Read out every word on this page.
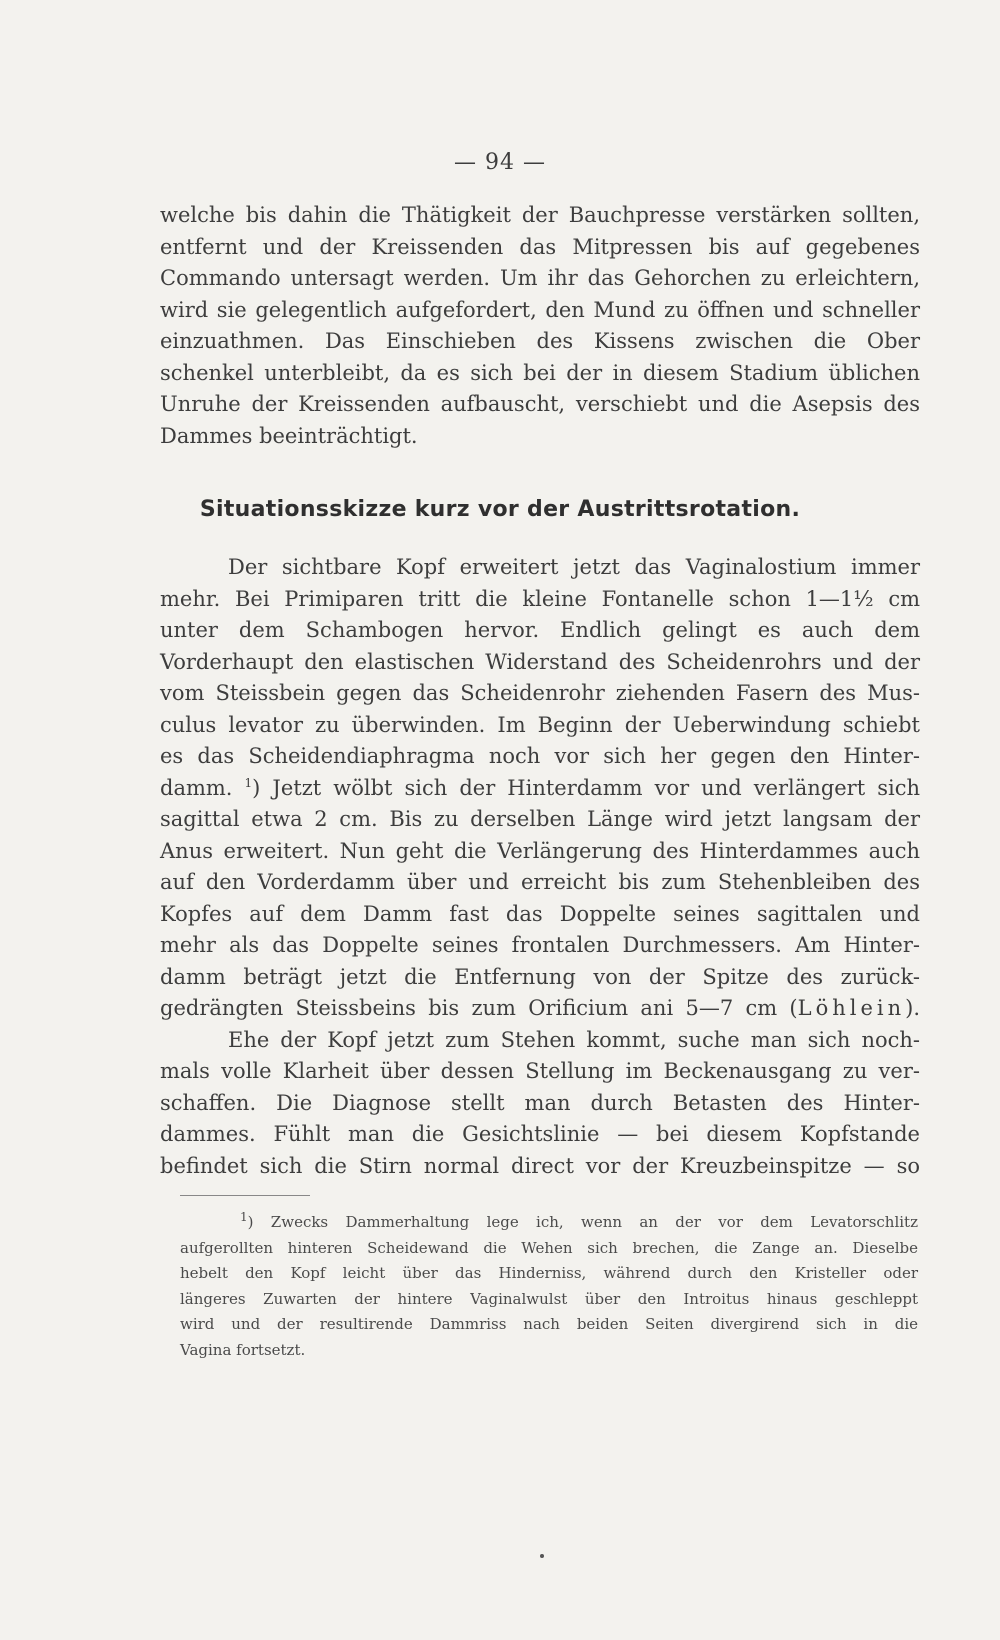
— 94 —
welche bis dahin die Thätigkeit der Bauchpresse verstärken sollten,
entfernt und der Kreissenden das Mitpressen bis auf gegebenes
Commando untersagt werden. Um ihr das Gehorchen zu erleichtern,
wird sie gelegentlich aufgefordert, den Mund zu öffnen und schneller
einzuathmen. Das Einschieben des Kissens zwischen die Ober
schenkel unterbleibt, da es sich bei der in diesem Stadium üblichen
Unruhe der Kreissenden aufbauscht, verschiebt und die Asepsis des
Dammes beeinträchtigt.
Situationsskizze kurz vor der Austrittsrotation.
Der sichtbare Kopf erweitert jetzt das Vaginalostium immer
mehr. Bei Primiparen tritt die kleine Fontanelle schon 1—1½ cm
unter dem Schambogen hervor. Endlich gelingt es auch dem
Vorderhaupt den elastischen Widerstand des Scheidenrohrs und der
vom Steissbein gegen das Scheidenrohr ziehenden Fasern des Mus-
culus levator zu überwinden. Im Beginn der Ueberwindung schiebt
es das Scheidendiaphragma noch vor sich her gegen den Hinter-
damm. $^1$) Jetzt wölbt sich der Hinterdamm vor und verlängert sich
sagittal etwa 2 cm. Bis zu derselben Länge wird jetzt langsam der
Anus erweitert. Nun geht die Verlängerung des Hinterdammes auch
auf den Vorderdamm über und erreicht bis zum Stehenbleiben des
Kopfes auf dem Damm fast das Doppelte seines sagittalen und
mehr als das Doppelte seines frontalen Durchmessers. Am Hinter-
damm beträgt jetzt die Entfernung von der Spitze des zurück-
gedrängten Steissbeins bis zum Orificium ani 5—7 cm (Löhlein).
Ehe der Kopf jetzt zum Stehen kommt, suche man sich noch-
mals volle Klarheit über dessen Stellung im Beckenausgang zu ver-
schaffen. Die Diagnose stellt man durch Betasten des Hinter-
dammes. Fühlt man die Gesichtslinie — bei diesem Kopfstande
befindet sich die Stirn normal direct vor der Kreuzbeinspitze — so
$^1$) Zwecks Dammerhaltung lege ich, wenn an der vor dem Levatorschlitz
aufgerollten hinteren Scheidewand die Wehen sich brechen, die Zange an. Dieselbe
hebelt den Kopf leicht über das Hinderniss, während durch den Kristeller oder
längeres Zuwarten der hintere Vaginalwulst über den Introitus hinaus geschleppt
wird und der resultirende Dammriss nach beiden Seiten divergirend sich in die
Vagina fortsetzt.
